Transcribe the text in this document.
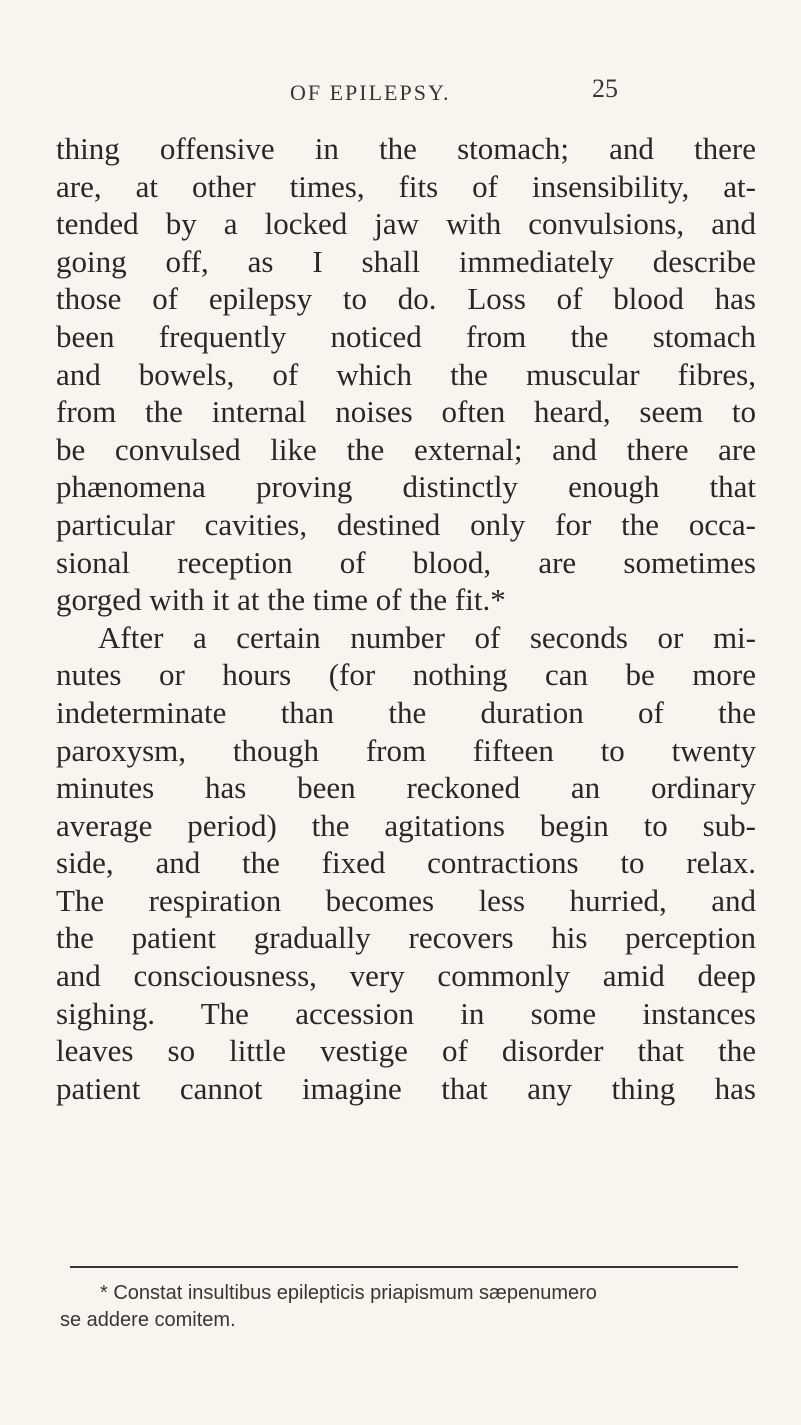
OF EPILEPSY.	25
thing offensive in the stomach; and there
are, at other times, fits of insensibility, at-
tended by a locked jaw with convulsions, and
going off, as I shall immediately describe
those of epilepsy to do. Loss of blood has
been frequently noticed from the stomach
and bowels, of which the muscular fibres,
from the internal noises often heard, seem to
be convulsed like the external; and there are
phænomena proving distinctly enough that
particular cavities, destined only for the occa-
sional reception of blood, are sometimes
gorged with it at the time of the fit.*
After a certain number of seconds or mi-
nutes or hours (for nothing can be more
indeterminate than the duration of the
paroxysm, though from fifteen to twenty
minutes has been reckoned an ordinary
average period) the agitations begin to sub-
side, and the fixed contractions to relax.
The respiration becomes less hurried, and
the patient gradually recovers his perception
and consciousness, very commonly amid deep
sighing. The accession in some instances
leaves so little vestige of disorder that the
patient cannot imagine that any thing has
* Constat insultibus epilepticis priapismum sæpenumero
se addere comitem.
